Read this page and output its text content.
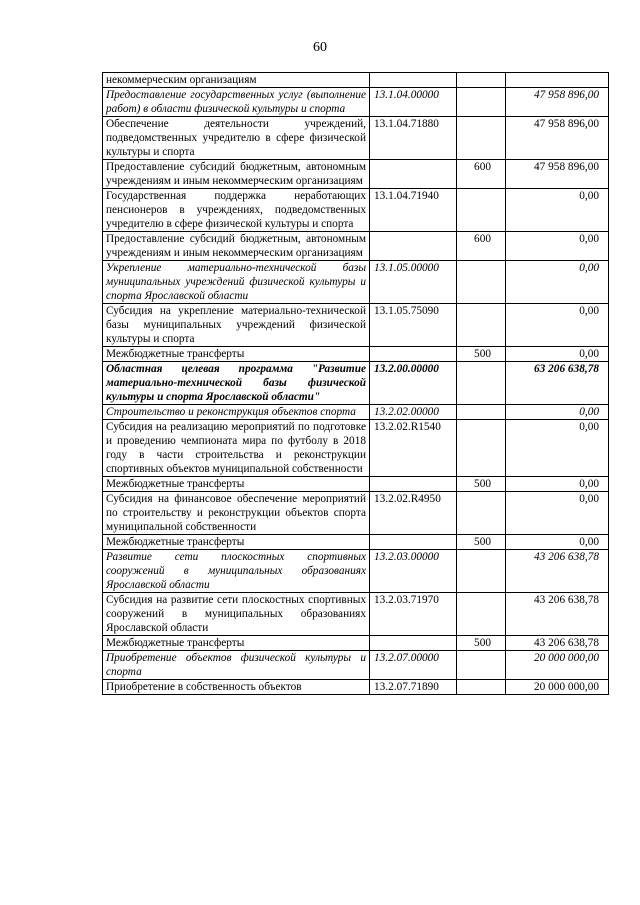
60
некоммерческим организациям			
Предоставление государственных услуг (выполнение работ) в области физической культуры и спорта	13.1.04.00000		47 958 896,00
Обеспечение деятельности учреждений, подведомственных учредителю в сфере физической культуры и спорта	13.1.04.71880		47 958 896,00
Предоставление субсидий бюджетным, автономным учреждениям и иным некоммерческим организациям		600	47 958 896,00
Государственная поддержка неработающих пенсионеров в учреждениях, подведомственных учредителю в сфере физической культуры и спорта	13.1.04.71940		0,00
Предоставление субсидий бюджетным, автономным учреждениям и иным некоммерческим организациям		600	0,00
Укрепление материально-технической базы муниципальных учреждений физической культуры и спорта Ярославской области	13.1.05.00000		0,00
Субсидия на укрепление материально-технической базы муниципальных учреждений физической культуры и спорта	13.1.05.75090		0,00
Межбюджетные трансферты		500	0,00
Областная целевая программа "Развитие материально-технической базы физической культуры и спорта Ярославской области"	13.2.00.00000		63 206 638,78
Строительство и реконструкция объектов спорта	13.2.02.00000		0,00
Субсидия на реализацию мероприятий по подготовке и проведению чемпионата мира по футболу в 2018 году в части строительства и реконструкции спортивных объектов муниципальной собственности	13.2.02.R1540		0,00
Межбюджетные трансферты		500	0,00
Субсидия на финансовое обеспечение мероприятий по строительству и реконструкции объектов спорта муниципальной собственности	13.2.02.R4950		0,00
Межбюджетные трансферты		500	0,00
Развитие сети плоскостных спортивных сооружений в муниципальных образованиях Ярославской области	13.2.03.00000		43 206 638,78
Субсидия на развитие сети плоскостных спортивных сооружений в муниципальных образованиях Ярославской области	13.2.03.71970		43 206 638,78
Межбюджетные трансферты		500	43 206 638,78
Приобретение объектов физической культуры и спорта	13.2.07.00000		20 000 000,00
Приобретение в собственность объектов	13.2.07.71890		20 000 000,00
